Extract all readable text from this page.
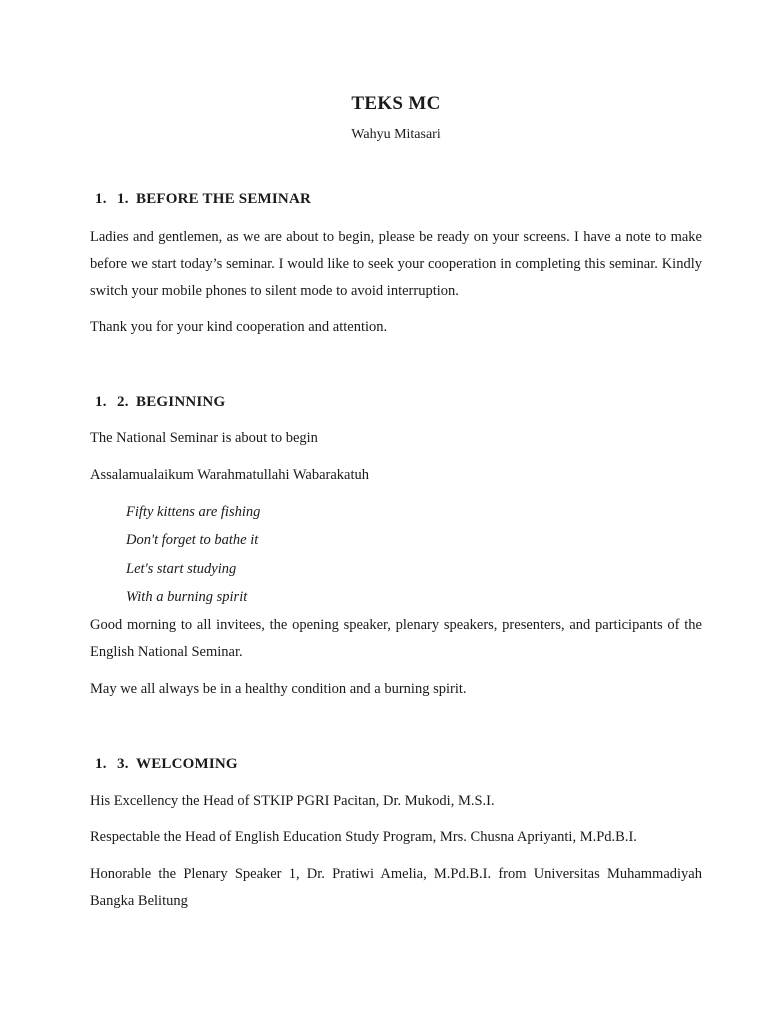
TEKS MC
Wahyu Mitasari
1. 1. BEFORE THE SEMINAR
Ladies and gentlemen, as we are about to begin, please be ready on your screens. I have a note to make before we start today’s seminar. I would like to seek your cooperation in completing this seminar. Kindly switch your mobile phones to silent mode to avoid interruption.
Thank you for your kind cooperation and attention.
1. 2. BEGINNING
The National Seminar is about to begin
Assalamualaikum Warahmatullahi Wabarakatuh
Fifty kittens are fishing
Don't forget to bathe it
Let's start studying
With a burning spirit
Good morning to all invitees, the opening speaker, plenary speakers, presenters, and participants of the English National Seminar.
May we all always be in a healthy condition and a burning spirit.
1. 3. WELCOMING
His Excellency the Head of STKIP PGRI Pacitan, Dr. Mukodi, M.S.I.
Respectable the Head of English Education Study Program, Mrs. Chusna Apriyanti, M.Pd.B.I.
Honorable the Plenary Speaker 1, Dr. Pratiwi Amelia, M.Pd.B.I. from Universitas Muhammadiyah Bangka Belitung
